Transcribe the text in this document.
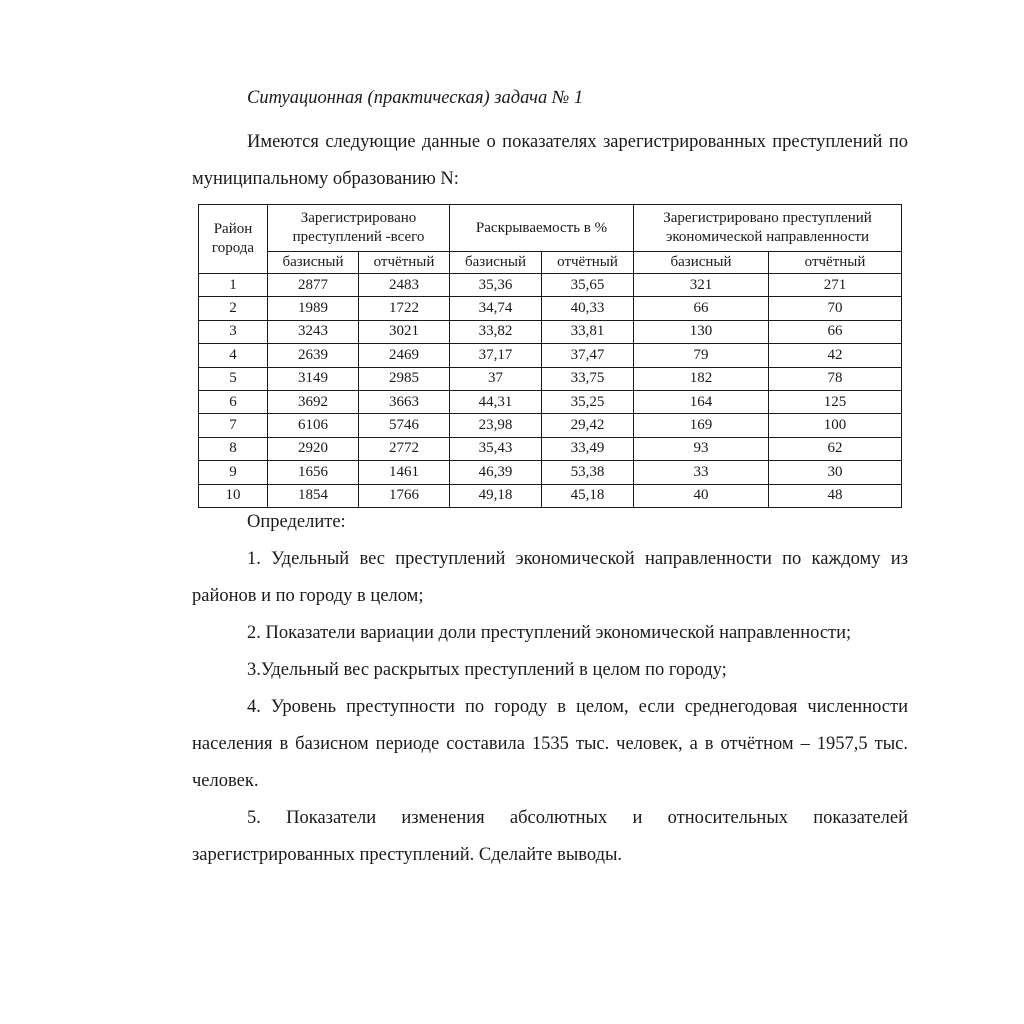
Ситуационная (практическая) задача № 1

Имеются следующие данные о показателях зарегистрированных преступлений по муниципальному образованию N:

Район города	Зарегистрировано преступлений -всего		Раскрываемость в %		Зарегистрировано преступлений экономической направленности	
	базисный	отчётный	базисный	отчётный	базисный	отчётный
1	2877	2483	35,36	35,65	321	271
2	1989	1722	34,74	40,33	66	70
3	3243	3021	33,82	33,81	130	66
4	2639	2469	37,17	37,47	79	42
5	3149	2985	37	33,75	182	78
6	3692	3663	44,31	35,25	164	125
7	6106	5746	23,98	29,42	169	100
8	2920	2772	35,43	33,49	93	62
9	1656	1461	46,39	53,38	33	30
10	1854	1766	49,18	45,18	40	48

Определите:

1. Удельный вес преступлений экономической направленности по каждому из районов и по городу в целом;

2. Показатели вариации доли преступлений экономической направленности;

3.Удельный вес раскрытых преступлений в целом по городу;

4. Уровень преступности по городу в целом, если среднегодовая численности населения в базисном периоде составила 1535 тыс. человек, а в отчётном – 1957,5 тыс. человек.

5. Показатели изменения абсолютных и относительных показателей зарегистрированных преступлений. Сделайте выводы.
